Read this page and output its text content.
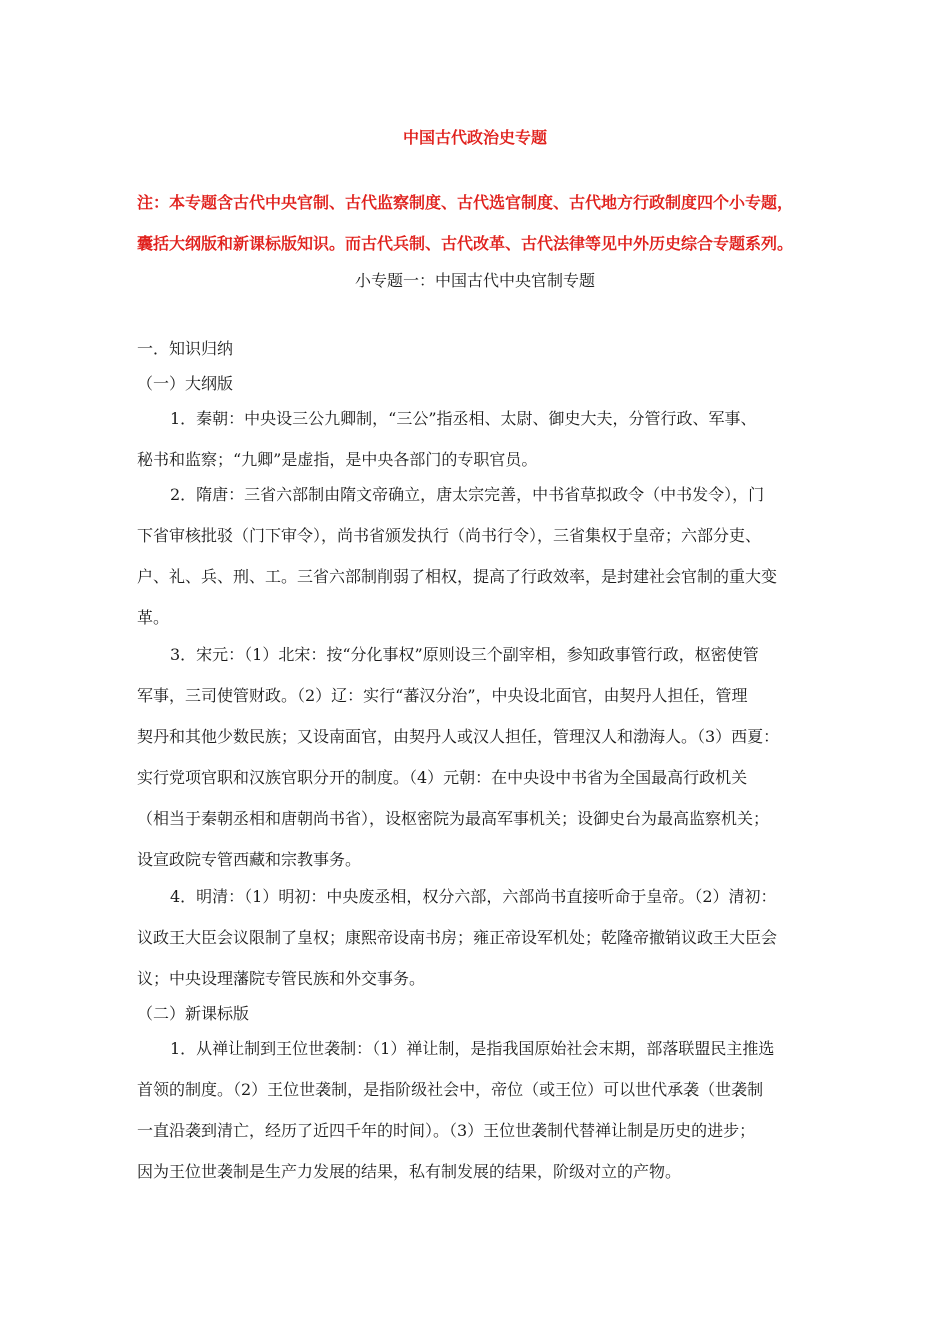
中国古代政治史专题
注：本专题含古代中央官制、古代监察制度、古代选官制度、古代地方行政制度四个小专题，
囊括大纲版和新课标版知识。而古代兵制、古代改革、古代法律等见中外历史综合专题系列。
小专题一：中国古代中央官制专题
一．知识归纳
（一）大纲版
1．秦朝：中央设三公九卿制，“三公”指丞相、太尉、御史大夫，分管行政、军事、
秘书和监察；“九卿”是虚指，是中央各部门的专职官员。
2．隋唐：三省六部制由隋文帝确立，唐太宗完善，中书省草拟政令（中书发令），门
下省审核批驳（门下审令），尚书省颁发执行（尚书行令），三省集权于皇帝；六部分吏、
户、礼、兵、刑、工。三省六部制削弱了相权，提高了行政效率，是封建社会官制的重大变
革。
3．宋元：（1）北宋：按“分化事权”原则设三个副宰相，参知政事管行政，枢密使管
军事，三司使管财政。（2）辽：实行“蕃汉分治”，中央设北面官，由契丹人担任，管理
契丹和其他少数民族；又设南面官，由契丹人或汉人担任，管理汉人和渤海人。（3）西夏：
实行党项官职和汉族官职分开的制度。（4）元朝：在中央设中书省为全国最高行政机关
（相当于秦朝丞相和唐朝尚书省），设枢密院为最高军事机关；设御史台为最高监察机关；
设宣政院专管西藏和宗教事务。
4．明清：（1）明初：中央废丞相，权分六部，六部尚书直接听命于皇帝。（2）清初：
议政王大臣会议限制了皇权；康熙帝设南书房；雍正帝设军机处；乾隆帝撤销议政王大臣会
议；中央设理藩院专管民族和外交事务。
（二）新课标版
1．从禅让制到王位世袭制：（1）禅让制，是指我国原始社会末期，部落联盟民主推选
首领的制度。（2）王位世袭制，是指阶级社会中，帝位（或王位）可以世代承袭（世袭制
一直沿袭到清亡，经历了近四千年的时间）。（3）王位世袭制代替禅让制是历史的进步；
因为王位世袭制是生产力发展的结果，私有制发展的结果，阶级对立的产物。
